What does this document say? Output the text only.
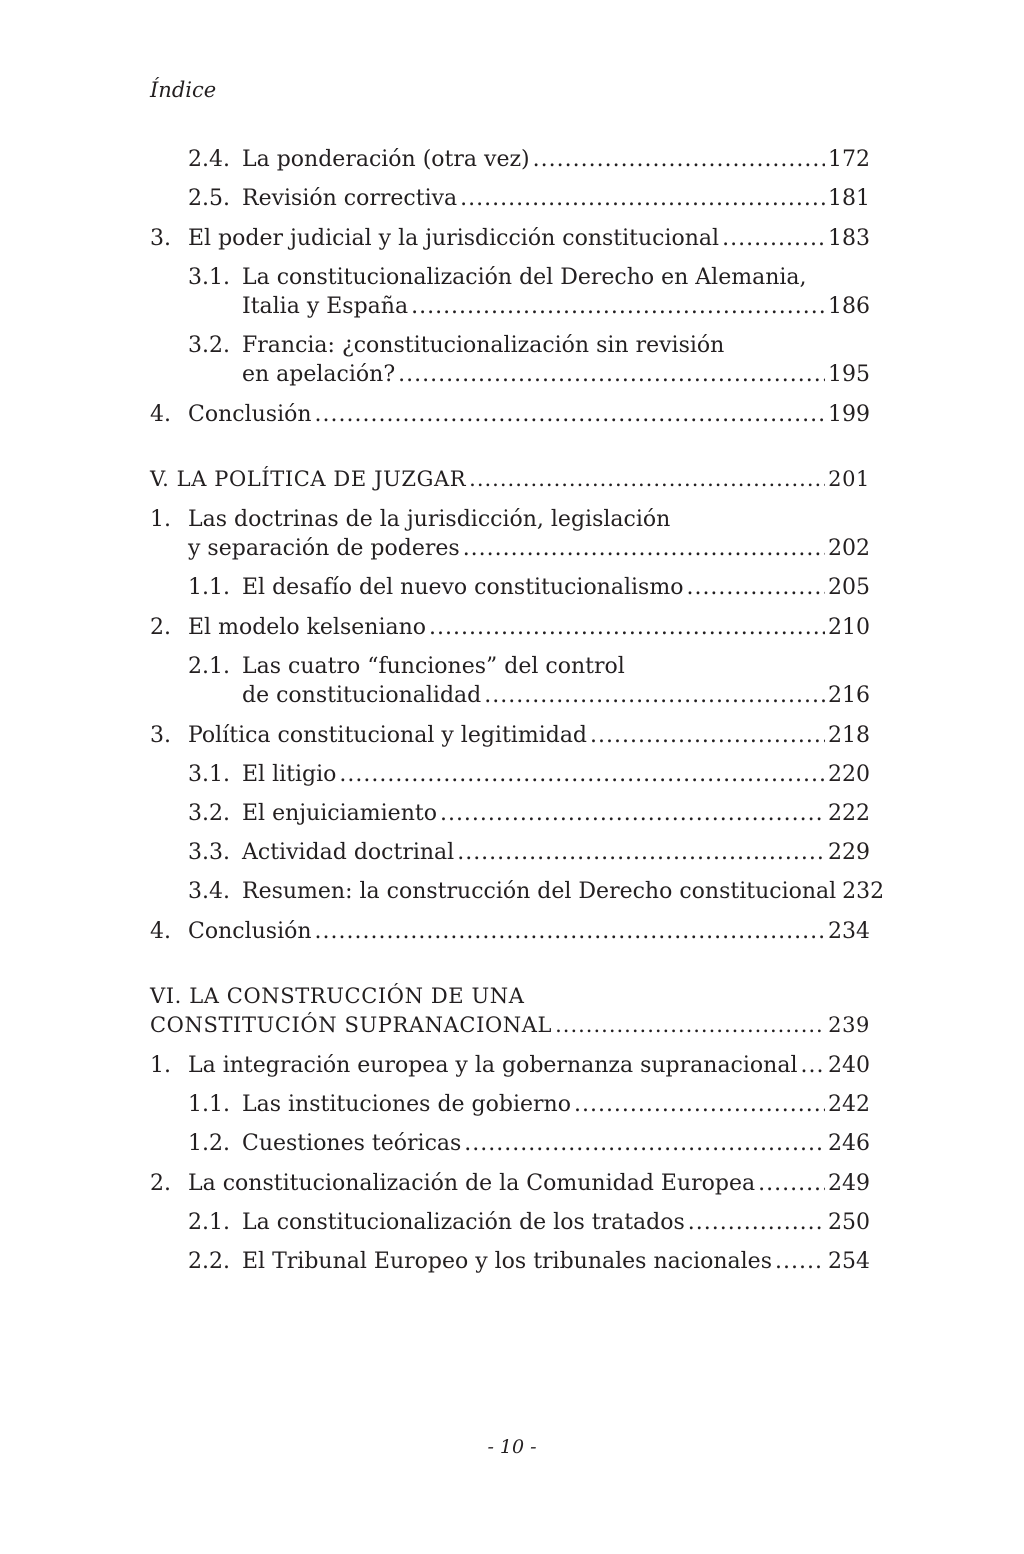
Índice
2.4. La ponderación (otra vez) .....	172
2.5. Revisión correctiva .....	181
3. El poder judicial y la jurisdicción constitucional .....	183
3.1. La constitucionalización del Derecho en Alemania,
Italia y España .....	186
3.2. Francia: ¿constitucionalización sin revisión
en apelación? .....	195
4. Conclusión .....	199
V. LA POLÍTICA DE JUZGAR .....	201
1. Las doctrinas de la jurisdicción, legislación
y separación de poderes .....	202
1.1. El desafío del nuevo constitucionalismo .....	205
2. El modelo kelseniano .....	210
2.1. Las cuatro “funciones” del control
de constitucionalidad .....	216
3. Política constitucional y legitimidad .....	218
3.1. El litigio .....	220
3.2. El enjuiciamiento .....	222
3.3. Actividad doctrinal .....	229
3.4. Resumen: la construcción del Derecho constitucional 232
4. Conclusión .....	234
VI. LA CONSTRUCCIÓN DE UNA
CONSTITUCIÓN SUPRANACIONAL .....	239
1. La integración europea y la gobernanza supranacional ..... 240
1.1. Las instituciones de gobierno .....	242
1.2. Cuestiones teóricas .....	246
2. La constitucionalización de la Comunidad Europea .....	249
2.1. La constitucionalización de los tratados .....	250
2.2. El Tribunal Europeo y los tribunales nacionales .....	254
- 10 -
